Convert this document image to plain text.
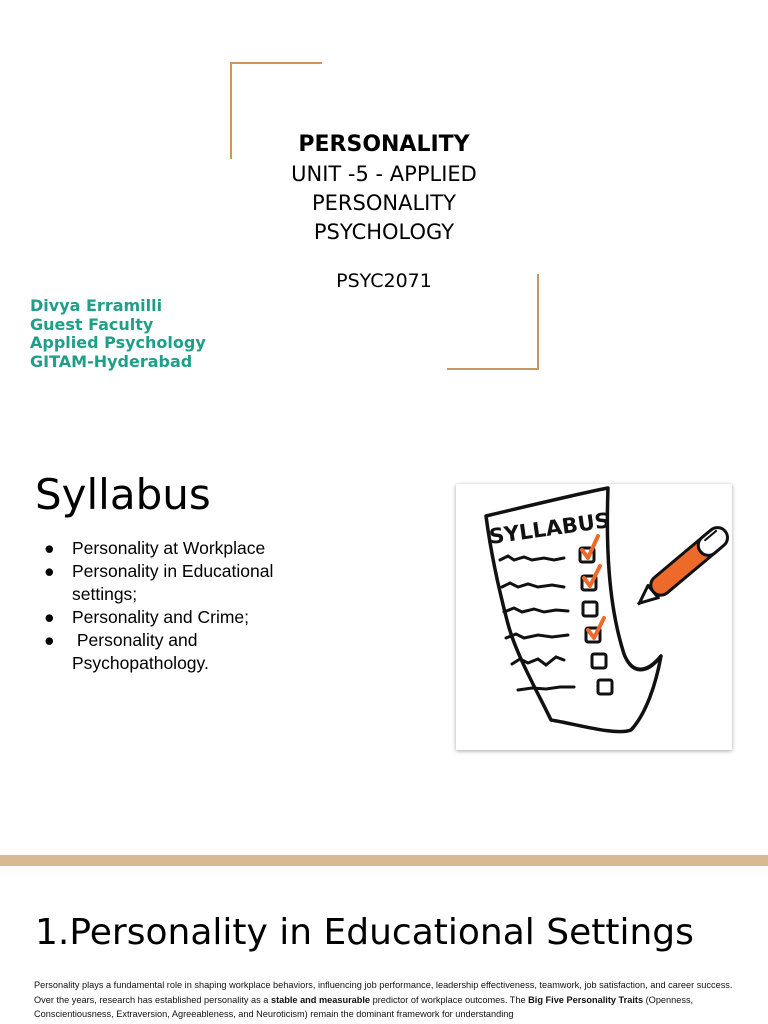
PERSONALITY
UNIT -5 - APPLIED
PERSONALITY
PSYCHOLOGY
PSYC2071
Divya Erramilli
Guest Faculty
Applied Psychology
GITAM-Hyderabad
Syllabus
● Personality at Workplace
● Personality in Educational settings;
● Personality and Crime;
● Personality and Psychopathology.
SYLLABUS
1.Personality in Educational Settings
Personality plays a fundamental role in shaping workplace behaviors, influencing job performance, leadership effectiveness, teamwork, job satisfaction, and career success. Over the years, research has established personality as a stable and measurable predictor of workplace outcomes. The Big Five Personality Traits (Openness, Conscientiousness, Extraversion, Agreeableness, and Neuroticism) remain the dominant framework for understanding
